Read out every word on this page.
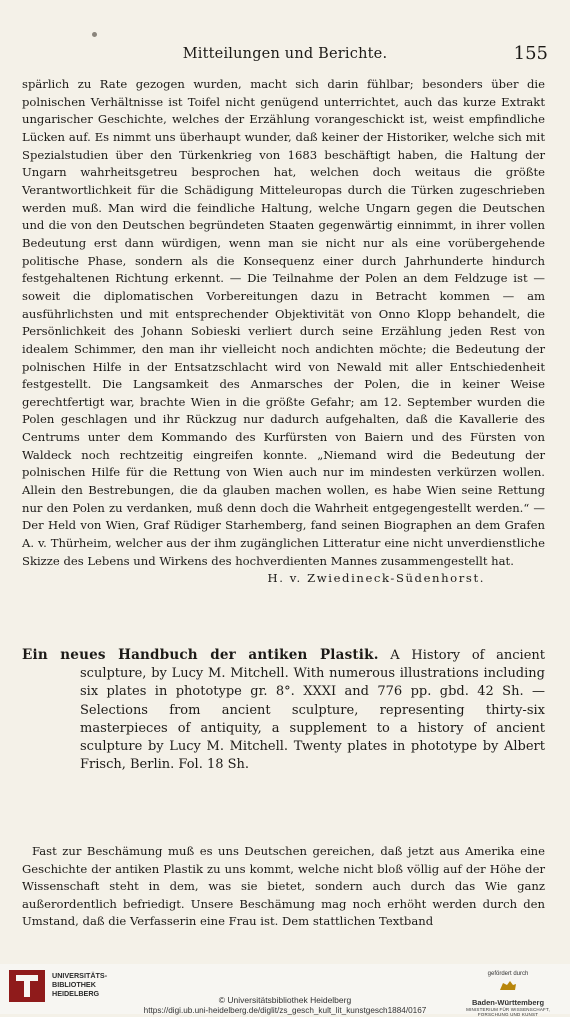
Mitteilungen und Berichte.	155

spärlich zu Rate gezogen wurden, macht sich darin fühlbar; besonders über die polnischen Verhältnisse ist Toifel nicht genügend unterrichtet, auch das kurze Extrakt ungarischer Geschichte, welches der Erzählung vorangeschickt ist, weist empfindliche Lücken auf. Es nimmt uns überhaupt wunder, daß keiner der Historiker, welche sich mit Spezialstudien über den Türkenkrieg von 1683 beschäftigt haben, die Haltung der Ungarn wahrheitsgetreu besprochen hat, welchen doch weitaus die größte Verantwortlichkeit für die Schädigung Mitteleuropas durch die Türken zugeschrieben werden muß. Man wird die feindliche Haltung, welche Ungarn gegen die Deutschen und die von den Deutschen begründeten Staaten gegenwärtig einnimmt, in ihrer vollen Bedeutung erst dann würdigen, wenn man sie nicht nur als eine vorübergehende politische Phase, sondern als die Konsequenz einer durch Jahrhunderte hindurch festgehaltenen Richtung erkennt. — Die Teilnahme der Polen an dem Feldzuge ist — soweit die diplomatischen Vorbereitungen dazu in Betracht kommen — am ausführlichsten und mit entsprechender Objektivität von Onno Klopp behandelt, die Persönlichkeit des Johann Sobieski verliert durch seine Erzählung jeden Rest von idealem Schimmer, den man ihr vielleicht noch andichten möchte; die Bedeutung der polnischen Hilfe in der Entsatzschlacht wird von Newald mit aller Entschiedenheit festgestellt. Die Langsamkeit des Anmarsches der Polen, die in keiner Weise gerechtfertigt war, brachte Wien in die größte Gefahr; am 12. September wurden die Polen geschlagen und ihr Rückzug nur dadurch aufgehalten, daß die Kavallerie des Centrums unter dem Kommando des Kurfürsten von Baiern und des Fürsten von Waldeck noch rechtzeitig eingreifen konnte. „Niemand wird die Bedeutung der polnischen Hilfe für die Rettung von Wien auch nur im mindesten verkürzen wollen. Allein den Bestrebungen, die da glauben machen wollen, es habe Wien seine Rettung nur den Polen zu verdanken, muß denn doch die Wahrheit entgegengestellt werden.“ — Der Held von Wien, Graf Rüdiger Starhemberg, fand seinen Biographen an dem Grafen A. v. Thürheim, welcher aus der ihm zugänglichen Litteratur eine nicht unverdienstliche Skizze des Lebens und Wirkens des hochverdienten Mannes zusammengestellt hat.

H. v. Zwiedineck-Südenhorst.

Ein neues Handbuch der antiken Plastik. A History of ancient sculpture, by Lucy M. Mitchell. With numerous illustrations including six plates in phototype gr. 8°. XXXI and 776 pp. gbd. 42 Sh. — Selections from ancient sculpture, representing thirty-six masterpieces of antiquity, a supplement to a history of ancient sculpture by Lucy M. Mitchell. Twenty plates in phototype by Albert Frisch, Berlin. Fol. 18 Sh.

Fast zur Beschämung muß es uns Deutschen gereichen, daß jetzt aus Amerika eine Geschichte der antiken Plastik zu uns kommt, welche nicht bloß völlig auf der Höhe der Wissenschaft steht in dem, was sie bietet, sondern auch durch das Wie ganz außerordentlich befriedigt. Unsere Beschämung mag noch erhöht werden durch den Umstand, daß die Verfasserin eine Frau ist. Dem stattlichen Textband

UNIVERSITÄTS-
BIBLIOTHEK
HEIDELBERG
© Universitätsbibliothek Heidelberg
https://digi.ub.uni-heidelberg.de/diglit/zs_gesch_kult_lit_kunstgesch1884/0167
gefördert durch
Baden-Württemberg
MINISTERIUM FÜR WISSENSCHAFT, FORSCHUNG UND KUNST
